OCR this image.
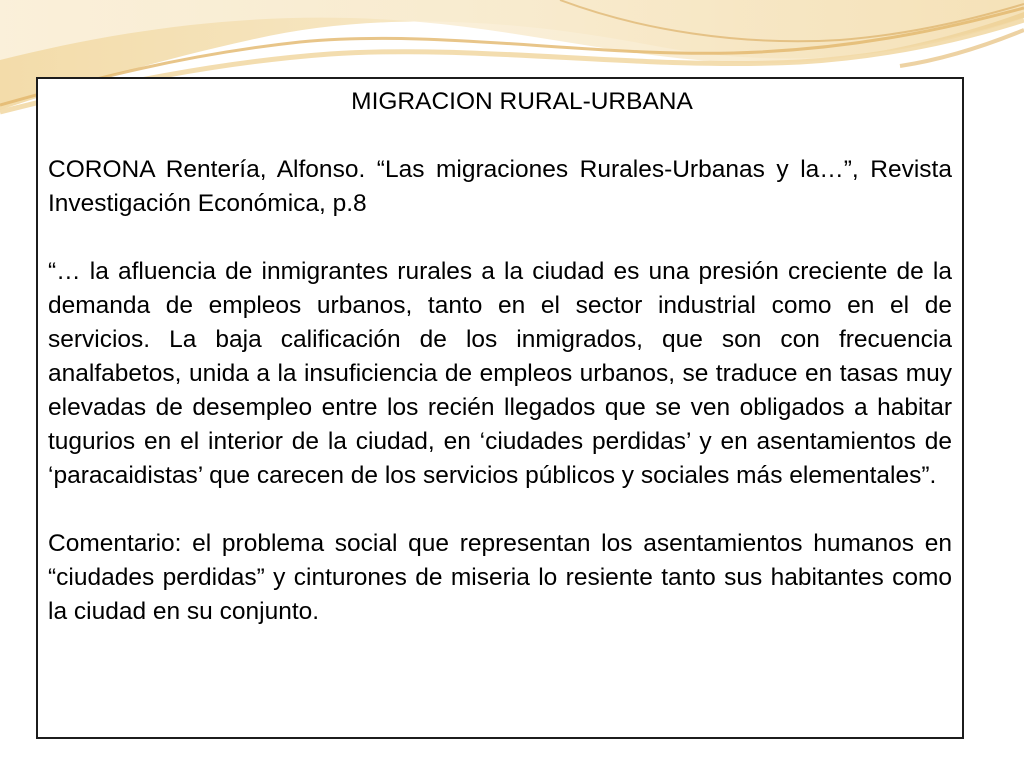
MIGRACION RURAL-URBANA

CORONA Rentería, Alfonso. “Las migraciones Rurales-Urbanas y la…”, Revista Investigación Económica, p.8

“… la afluencia de inmigrantes rurales a la ciudad es una presión creciente de la demanda de empleos urbanos, tanto en el sector industrial como en el de servicios. La baja calificación de los inmigrados, que son con frecuencia analfabetos, unida a la insuficiencia de empleos urbanos, se traduce en tasas muy elevadas de desempleo entre los recién llegados que se ven obligados a habitar tugurios en el interior de la ciudad, en ‘ciudades perdidas’ y en asentamientos de ‘paracaidistas’ que carecen de los servicios públicos y sociales más elementales”.

Comentario: el problema social que representan los asentamientos humanos en “ciudades perdidas” y cinturones de miseria lo resiente tanto sus habitantes como la ciudad en su conjunto.
